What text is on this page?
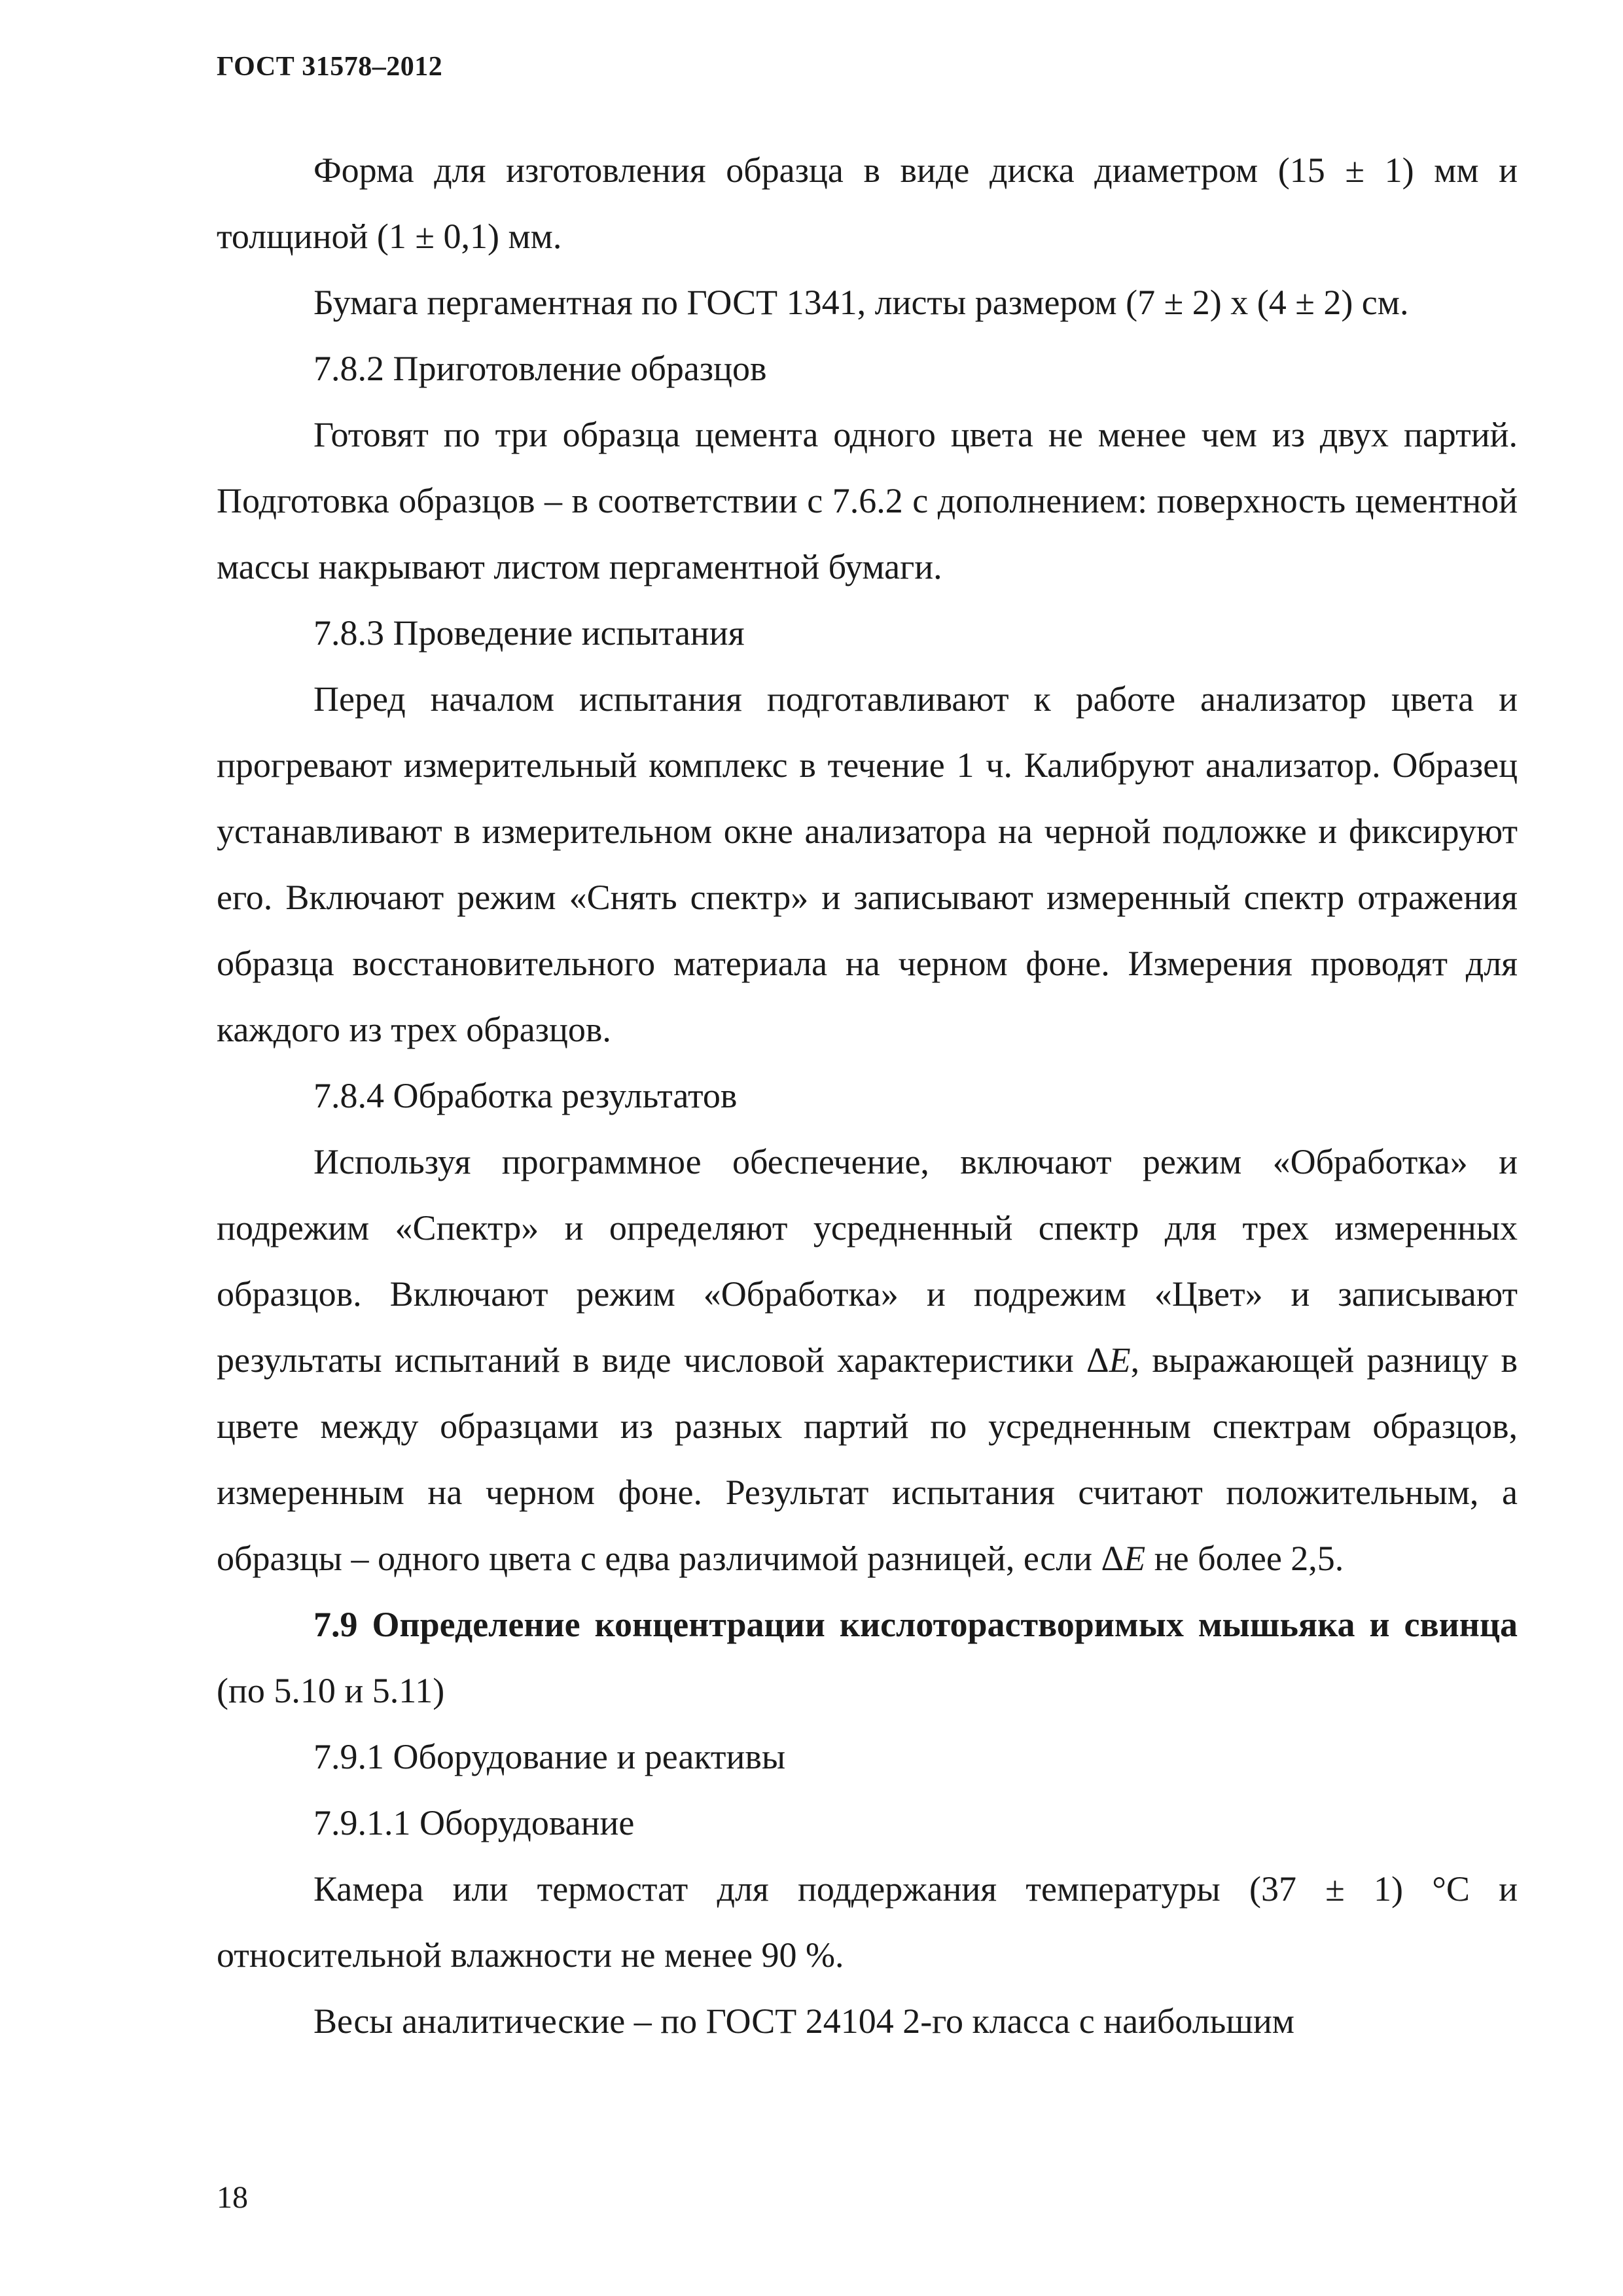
ГОСТ 31578–2012

Форма для изготовления образца в виде диска диаметром (15 ± 1) мм и толщиной (1 ± 0,1) мм.

Бумага пергаментная по ГОСТ 1341, листы размером (7 ± 2) х (4 ± 2) см.

7.8.2 Приготовление образцов

Готовят по три образца цемента одного цвета не менее чем из двух партий. Подготовка образцов – в соответствии с 7.6.2 с дополнением: поверхность цементной массы накрывают листом пергаментной бумаги.

7.8.3 Проведение испытания

Перед началом испытания подготавливают к работе анализатор цвета и прогревают измерительный комплекс в течение 1 ч. Калибруют анализатор. Образец устанавливают в измерительном окне анализатора на черной подложке и фиксируют его. Включают режим «Снять спектр» и записывают измеренный спектр отражения образца восстановительного материала на черном фоне. Измерения проводят для каждого из трех образцов.

7.8.4 Обработка результатов

Используя программное обеспечение, включают режим «Обработка» и подрежим «Спектр» и определяют усредненный спектр для трех измеренных образцов. Включают режим «Обработка» и подрежим «Цвет» и записывают результаты испытаний в виде числовой характеристики ΔE, выражающей разницу в цвете между образцами из разных партий по усредненным спектрам образцов, измеренным на черном фоне. Результат испытания считают положительным, а образцы – одного цвета с едва различимой разницей, если ΔE не более 2,5.

7.9 Определение концентрации кислоторастворимых мышьяка и свинца (по 5.10 и 5.11)

7.9.1 Оборудование и реактивы

7.9.1.1 Оборудование

Камера или термостат для поддержания температуры (37 ± 1) °С и относительной влажности не менее 90 %.

Весы аналитические – по ГОСТ 24104 2-го класса с наибольшим

18
